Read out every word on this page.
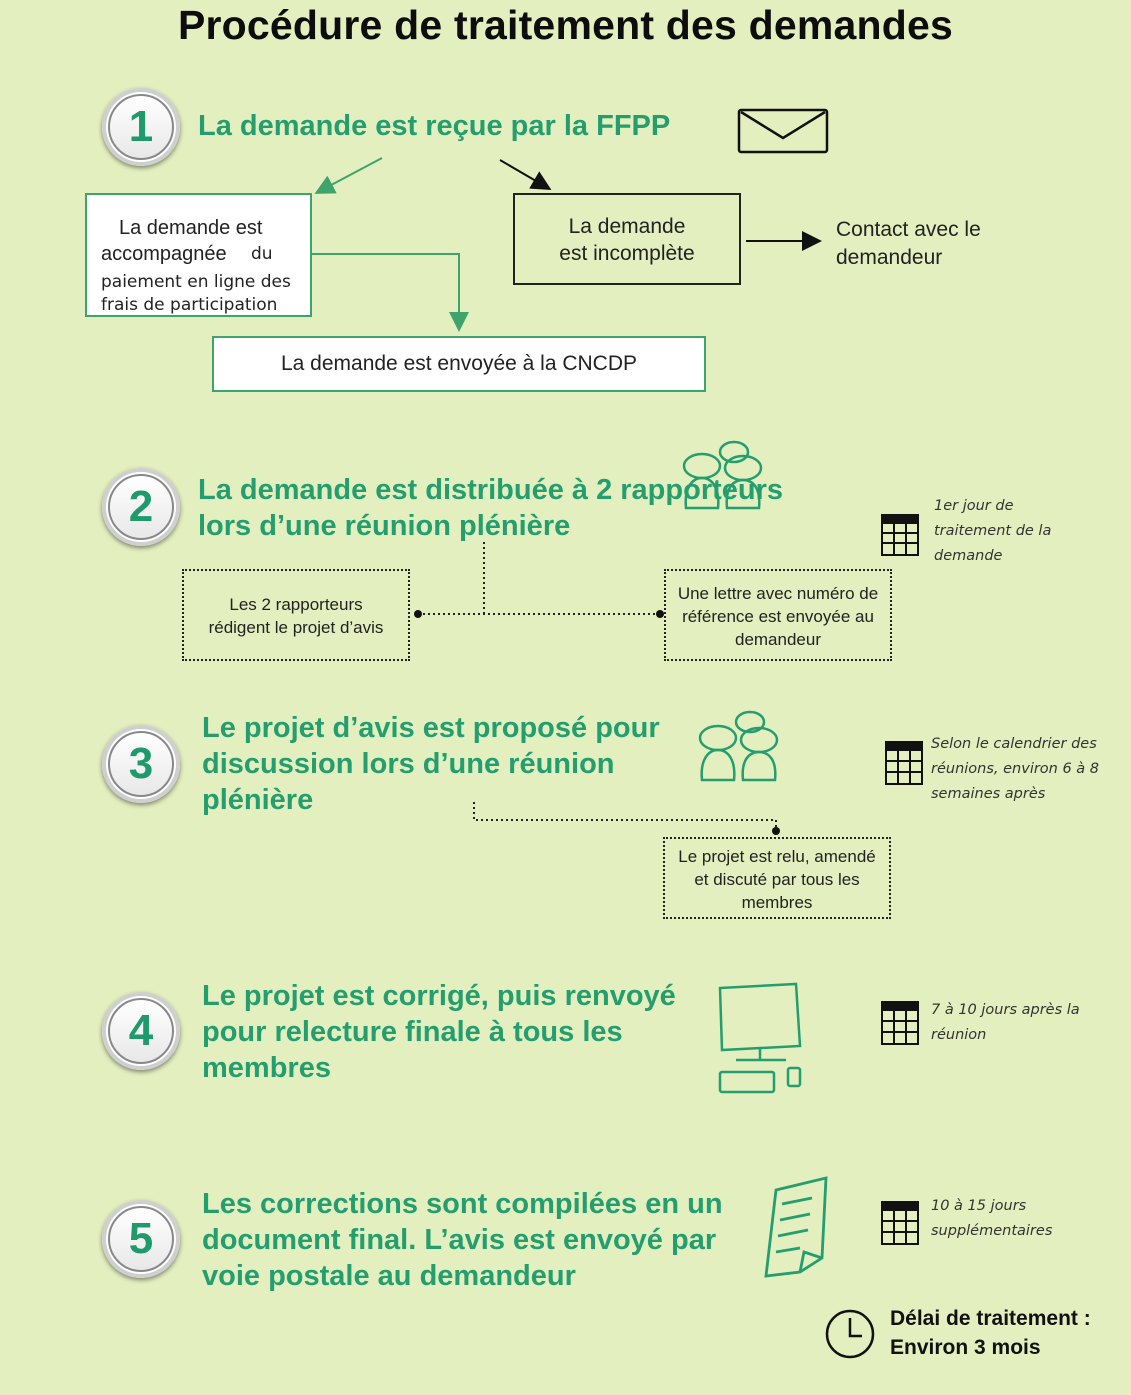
Procédure de traitement des demandes
1
2
3
4
5
La demande est reçue par la FFPP
La demande est distribuée à 2 rapporteurs lors d’une réunion plénière
Le projet d’avis est proposé pour discussion lors d’une réunion plénière
Le projet est corrigé, puis renvoyé pour relecture finale à tous les membres
Les corrections sont compilées en un document final. L’avis est envoyé par voie postale au demandeur
La demande est accompagnée	du
paiement en ligne des
frais de participation
La demande est incomplète
Contact avec le demandeur
La demande est envoyée à la CNCDP
Les 2 rapporteurs rédigent le projet d’avis
Une lettre avec numéro de référence est envoyée au demandeur
1er jour de traitement de la demande
Le projet est relu, amendé et discuté par tous les membres
Selon le calendrier des réunions, environ 6 à 8 semaines après
7 à 10 jours après la réunion
10 à 15 jours supplémentaires
Délai de traitement :
Environ 3 mois
